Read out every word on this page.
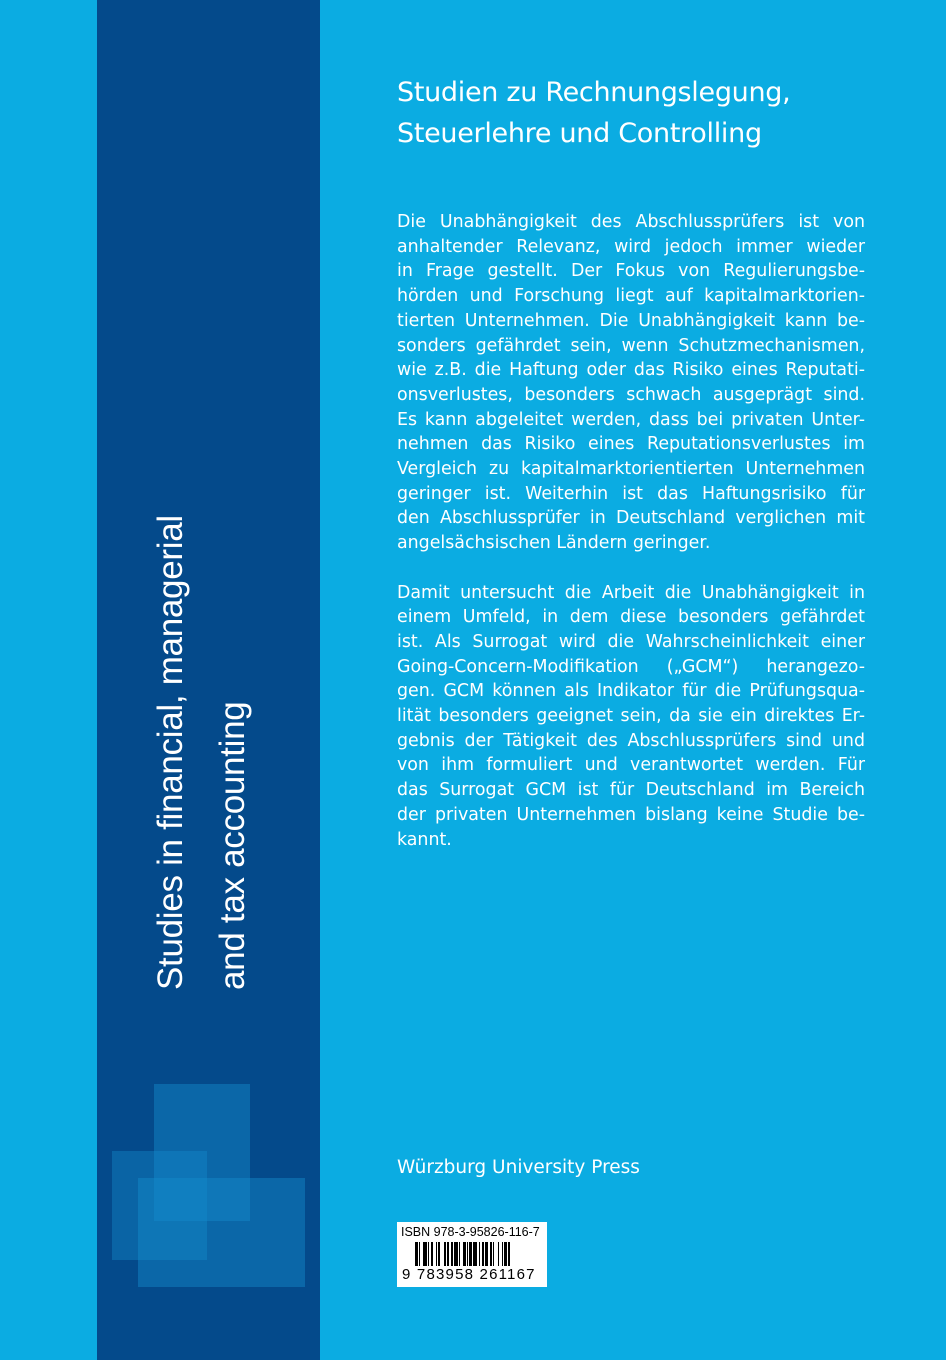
Studies in financial, managerial and tax accounting
Studien zu Rechnungslegung,
Steuerlehre und Controlling
Die Unabhängigkeit des Abschlussprüfers ist von
anhaltender Relevanz, wird jedoch immer wieder
in Frage gestellt. Der Fokus von Regulierungsbe-
hörden und Forschung liegt auf kapitalmarktorien-
tierten Unternehmen. Die Unabhängigkeit kann be-
sonders gefährdet sein, wenn Schutzmechanismen,
wie z.B. die Haftung oder das Risiko eines Reputati-
onsverlustes, besonders schwach ausgeprägt sind.
Es kann abgeleitet werden, dass bei privaten Unter-
nehmen das Risiko eines Reputationsverlustes im
Vergleich zu kapitalmarktorientierten Unternehmen
geringer ist. Weiterhin ist das Haftungsrisiko für
den Abschlussprüfer in Deutschland verglichen mit
angelsächsischen Ländern geringer.
Damit untersucht die Arbeit die Unabhängigkeit in
einem Umfeld, in dem diese besonders gefährdet
ist. Als Surrogat wird die Wahrscheinlichkeit einer
Going-Concern-Modifikation („GCM“) herangezo-
gen. GCM können als Indikator für die Prüfungsqua-
lität besonders geeignet sein, da sie ein direktes Er-
gebnis der Tätigkeit des Abschlussprüfers sind und
von ihm formuliert und verantwortet werden. Für
das Surrogat GCM ist für Deutschland im Bereich
der privaten Unternehmen bislang keine Studie be-
kannt.
Würzburg University Press
ISBN 978-3-95826-116-7
9 783958 261167
